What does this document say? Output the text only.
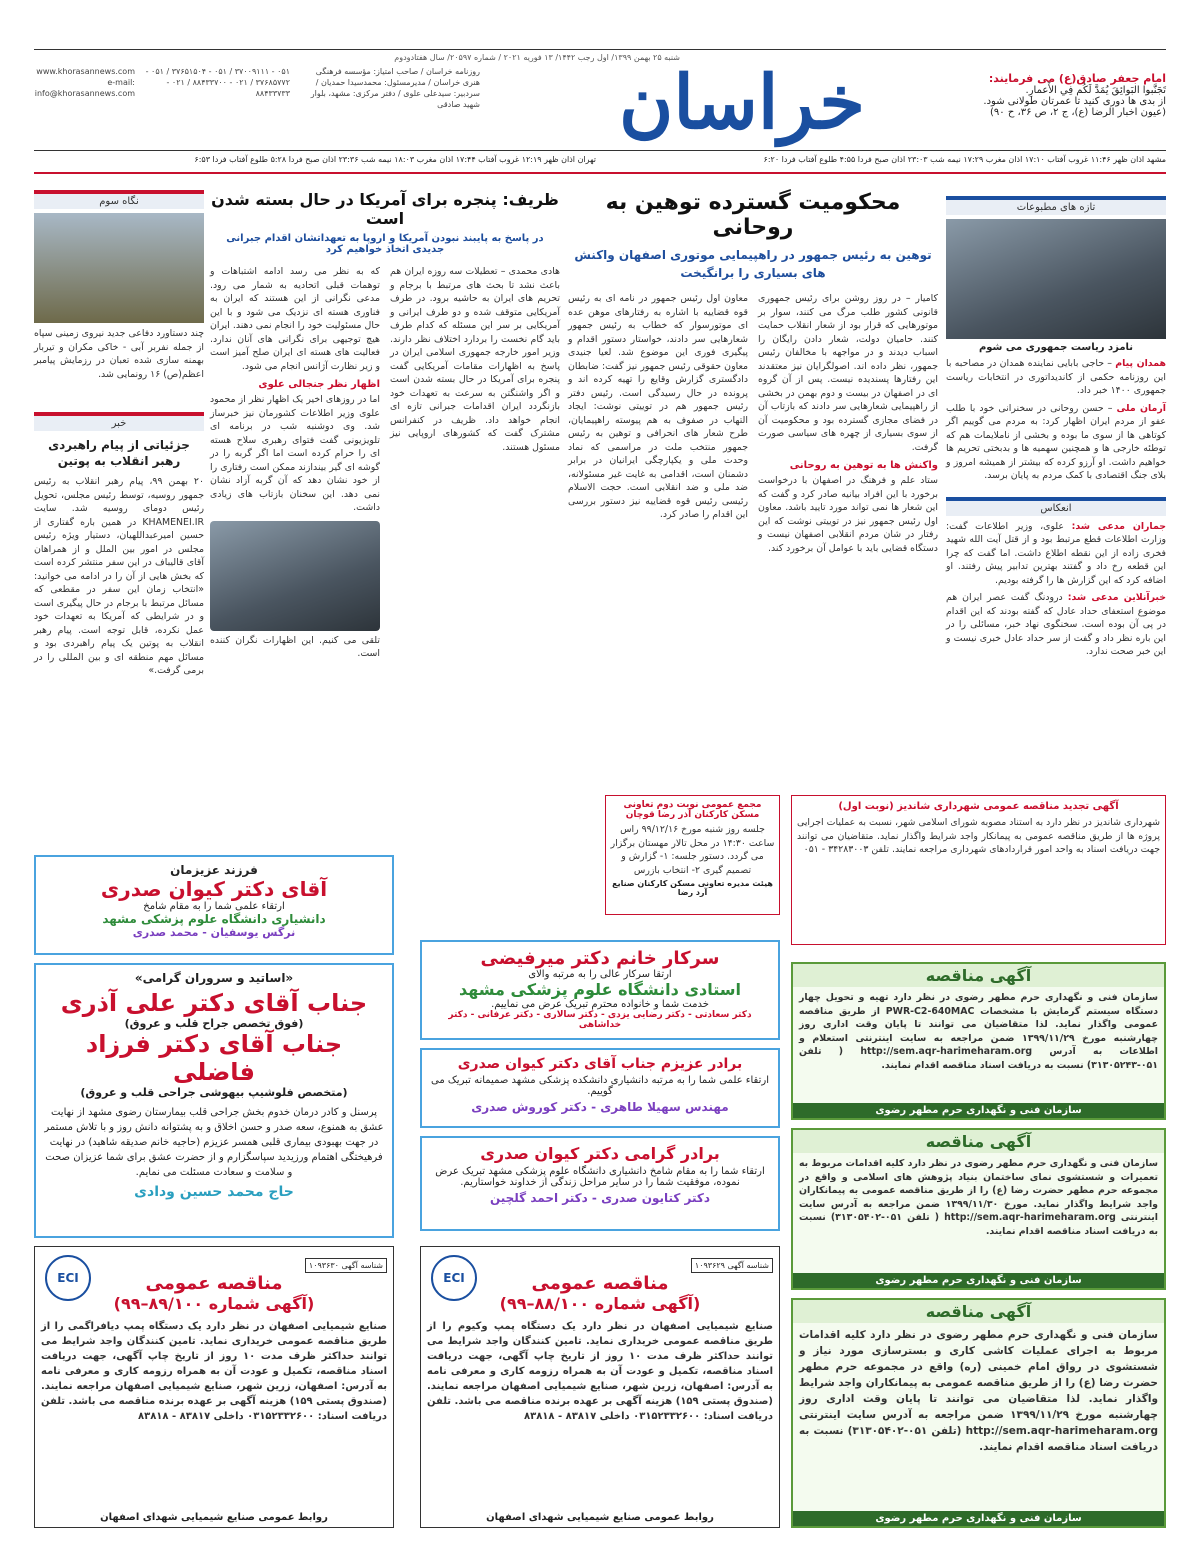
شنبه ۲۵ بهمن ۱۳۹۹/ اول رجب ۱۴۴۲/ ۱۳ فوریه ۲۰۲۱ / شماره ۲۰۵۹۷/ سال هفتادودوم
خراسان	امام جعفر صادق(ع) می فرمایند:
تَجَنَّبوا البَوائِقَ يُمَدَّ لَكُم فِي الأَعمارِ.
از بدی ها دوری کنید تا عمرتان طولانی شود.
(عیون اخبار الرضا (ع)، ج ۲، ص ۳۶، ح ۹۰)
روزنامه خراسان / صاحب امتیاز: مؤسسه فرهنگی هنری خراسان / مدیرمسئول: محمدسیدا حمدیان / سردبیر: سیدعلی علوی / دفتر مرکزی: مشهد، بلوار شهید صادقی
۰۵۱ - ۳۷۰۰۹۱۱۱ / ۰۵۱ - ۳۷۶۵۱۵۰۴ / ۰۵۱ - ۳۷۶۸۵۷۷۲ / ۰۲۱ - ۸۸۴۳۳۷۰۰ / ۰۲۱ - ۸۸۴۳۳۷۳۳
www.khorasannews.com e-mail: info@khorasannews.com
مشهد اذان ظهر ۱۱:۴۶ غروب آفتاب ۱۷:۱۰ اذان مغرب ۱۷:۲۹ نیمه شب ۲۳:۰۳ اذان صبح فردا ۴:۵۵ طلوع آفتاب فردا ۶:۲۰
تهران اذان ظهر ۱۲:۱۹ غروب آفتاب ۱۷:۴۴ اذان مغرب ۱۸:۰۳ نیمه شب ۲۳:۳۶ اذان صبح فردا ۵:۲۸ طلوع آفتاب فردا ۶:۵۳
تازه های مطبوعات
نامزد ریاست جمهوری می شوم
همدان پیام – حاجی بابایی نماینده همدان در مصاحبه با این روزنامه حکمی از کاندیداتوری در انتخابات ریاست جمهوری ۱۴۰۰ خبر داد.
آرمان ملی – حسن روحانی در سخنرانی خود با طلب عفو از مردم ایران اظهار کرد: به مردم می گوییم اگر کوتاهی ها از سوی ما بوده و بخشی از ناملایمات هم که توطئه خارجی ها و همچنین سهمیه ها و بدبختی تحریم ها خواهیم داشت. او آرزو کرده که بیشتر از همیشه امروز و بلای جنگ اقتصادی با کمک مردم به پایان برسد.
انعکاس
جماران مدعی شد: علوی، وزیر اطلاعات گفت: وزارت اطلاعات قطع مرتبط بود و از قتل آیت الله شهید فخری زاده از این نقطه اطلاع داشت. اما گفت که چرا این قطعه رخ داد و گفتند بهترین تدابیر پیش رفتند. او اضافه کرد که این گزارش ها را گرفته بودیم.
خبرآنلاین مدعی شد: درودنگ گفت عصر ایران هم موضوع استعفای حداد عادل که گفته بودند که این اقدام در پی آن بوده است. سخنگوی نهاد خبر، مسائلی را در این باره نظر داد و گفت از سر حداد عادل خبری نیست و این خبر صحت ندارد.
محکومیت گسترده توهین به روحانی
توهین به رئیس جمهور در راهپیمایی موتوری اصفهان واکنش های بسیاری را برانگیخت
کامیار – در روز روشن برای رئیس جمهوری قانونی کشور طلب مرگ می کنند، سوار بر موتورهایی که قرار بود از شعار انقلاب حمایت کنند. حامیان دولت، شعار دادن رایگان را اسباب دیدند و در مواجهه با مخالفان رئیس جمهور، نظر داده اند. اصولگرایان نیز معتقدند این رفتارها پسندیده نیست. پس از آن گروه ای در اصفهان در بیست و دوم بهمن در بخشی از راهپیمایی شعارهایی سر دادند که بازتاب آن در فضای مجازی گسترده بود و محکومیت آن از سوی بسیاری از چهره های سیاسی صورت گرفت.
واکنش ها به توهین به روحانی
ستاد علم و فرهنگ در اصفهان با درخواست برخورد با این افراد بیانیه صادر کرد و گفت که این شعار ها نمی تواند مورد تایید باشد. معاون اول رئیس جمهور نیز در توییتی نوشت که این رفتار در شان مردم انقلابی اصفهان نیست و دستگاه قضایی باید با عوامل آن برخورد کند.
معاون اول رئیس جمهور در نامه ای به رئیس قوه قضاییه با اشاره به رفتارهای موهن عده ای موتورسوار که خطاب به رئیس جمهور شعارهایی سر دادند، خواستار دستور اقدام و پیگیری فوری این موضوع شد. لعیا جنیدی معاون حقوقی رئیس جمهور نیز گفت: ضابطان دادگستری گزارش وقایع را تهیه کرده اند و پرونده در حال رسیدگی است. رئیس دفتر رئیس جمهور هم در توییتی نوشت: ایجاد التهاب در صفوف به هم پیوسته راهپیمایان، طرح شعار های انحرافی و توهین به رئیس جمهور منتخب ملت در مراسمی که نماد وحدت ملی و یکپارچگی ایرانیان در برابر دشمنان است، اقدامی به غایت غیر مسئولانه، ضد ملی و ضد انقلابی است. حجت الاسلام رئیسی رئیس قوه قضاییه نیز دستور بررسی این اقدام را صادر کرد.
ظریف: پنجره برای آمریکا در حال بسته شدن است
در پاسخ به پایبند نبودن آمریکا و اروپا به تعهداتشان اقدام جبرانی جدیدی اتخاذ خواهیم کرد
هادی محمدی – تعطیلات سه روزه ایران هم باعث نشد تا بحث های مرتبط با برجام و تحریم های ایران به حاشیه برود. در طرف آمریکایی متوقف شده و دو طرف ایرانی و آمریکایی بر سر این مسئله که کدام طرف باید گام نخست را بردارد اختلاف نظر دارند. وزیر امور خارجه جمهوری اسلامی ایران در پاسخ به اظهارات مقامات آمریکایی گفت پنجره برای آمریکا در حال بسته شدن است و اگر واشنگتن به سرعت به تعهدات خود بازنگردد ایران اقدامات جبرانی تازه ای انجام خواهد داد. ظریف در کنفرانس مشترک گفت که کشورهای اروپایی نیز مسئول هستند.
که به نظر می رسد ادامه اشتباهات و توهمات قبلی اتحادیه به شمار می رود. مدعی نگرانی از این هستند که ایران به فناوری هسته ای نزدیک می شود و با این حال مسئولیت خود را انجام نمی دهند. ایران هیچ توجیهی برای نگرانی های آنان ندارد. فعالیت های هسته ای ایران صلح آمیز است و زیر نظارت آژانس انجام می شود.
اظهار نظر جنجالی علوی
اما در روزهای اخیر یک اظهار نظر از محمود علوی وزیر اطلاعات کشورمان نیز خبرساز شد. وی دوشنبه شب در برنامه ای تلویزیونی گفت فتوای رهبری سلاح هسته ای را حرام کرده است اما اگر گربه را در گوشه ای گیر بیندازند ممکن است رفتاری را از خود نشان دهد که آن گربه آزاد نشان نمی دهد. این سخنان بازتاب های زیادی داشت.
تلقی می کنیم. این اظهارات نگران کننده است.
نگاه سوم
چند دستاورد دفاعی جدید نیروی زمینی سپاه از جمله نفربر آبی - خاکی مکران و تیربار بهمنه سازی شده تعبان در رزمایش پیامبر اعظم(ص) ۱۶ رونمایی شد.
خبر
جزئیاتی از پیام راهبردی رهبر انقلاب به پوتین
۲۰ بهمن ۹۹، پیام رهبر انقلاب به رئیس جمهور روسیه، توسط رئیس مجلس، تحویل رئیس دومای روسیه شد. سایت KHAMENEI.IR در همین باره گفتاری از حسین امیرعبداللهیان، دستیار ویژه رئیس مجلس در امور بین الملل و از همراهان آقای قالیباف در این سفر منتشر کرده است که بخش هایی از آن را در ادامه می خوانید: «انتخاب زمان این سفر در مقطعی که مسائل مرتبط با برجام در حال پیگیری است و در شرایطی که آمریکا به تعهدات خود عمل نکرده، قابل توجه است. پیام رهبر انقلاب به پوتین یک پیام راهبردی بود و مسائل مهم منطقه ای و بین المللی را در برمی گرفت.»
آگهی تجدید مناقصه عمومی شهرداری شاندیز (نوبت اول)
شهرداری شاندیز در نظر دارد به استناد مصوبه شورای اسلامی شهر، نسبت به عملیات اجرایی پروژه ها از طریق مناقصه عمومی به پیمانکار واجد شرایط واگذار نماید. متقاضیان می توانند جهت دریافت اسناد به واحد امور قراردادهای شهرداری مراجعه نمایند. تلفن ۳۴۲۸۳۰۰۳ - ۰۵۱
مجمع عمومی نوبت دوم تعاونی مسکن کارکنان آذر رضا قوچان
جلسه روز شنبه مورخ ۹۹/۱۲/۱۶ راس ساعت ۱۴:۳۰ در محل تالار مهستان برگزار می گردد. دستور جلسه: ۱- گزارش و تصمیم گیری ۲- انتخاب بازرس
هیئت مدیره تعاونی مسکن کارکنان صنایع آرد رضا
فرزند عزیزمان
آقای دکتر کیوان صدری
ارتقاء علمی شما را به مقام شامخ
دانشیاری دانشگاه علوم پزشکی مشهد
نرگس یوسفیان - محمد صدری
«اساتید و سروران گرامی»
جناب آقای دکتر علی آذری
(فوق تخصص جراح قلب و عروق)
جناب آقای دکتر فرزاد فاضلی
(متخصص فلوشیپ بیهوشی جراحی قلب و عروق)
پرسنل و کادر درمان خدوم بخش جراحی قلب بیمارستان رضوی مشهد از نهایت عشق به همنوع، سعه صدر و حسن اخلاق و به پشتوانه دانش روز و با تلاش مستمر در جهت بهبودی بیماری قلبی همسر عزیزم (حاجیه خانم صدیقه شاهید) در نهایت فرهیختگی اهتمام ورزیدید سپاسگزارم و از حضرت عشق برای شما عزیزان صحت و سلامت و سعادت مسئلت می نمایم.
حاج محمد حسین ودادی
سرکار خانم دکتر میرفیضی
ارتقا سرکار عالی را به مرتبه والای
استادی دانشگاه علوم پزشکی مشهد
خدمت شما و خانواده محترم تبریک عرض می نماییم.
دکتر سعادتی - دکتر رضایی یزدی - دکتر سالاری - دکتر عرفانی - دکتر خداشاهی
برادر عزیزم جناب آقای دکتر کیوان صدری
ارتقاء علمی شما را به مرتبه دانشیاری دانشکده پزشکی مشهد صمیمانه تبریک می گوییم.
مهندس سهیلا طاهری - دکتر کوروش صدری
برادر گرامی دکتر کیوان صدری
ارتقاء شما را به مقام شامخ دانشیاری دانشگاه علوم پزشکی مشهد تبریک عرض نموده، موفقیت شما را در سایر مراحل زندگی از خداوند خواستاریم.
دکتر کتایون صدری - دکتر احمد گلچین
آگهی مناقصه
سازمان فنی و نگهداری حرم مطهر رضوی در نظر دارد تهیه و تحویل چهار دستگاه سیستم گرمایش با مشخصات PWR-C2-640MAC از طریق مناقصه عمومی واگذار نماید. لذا متقاضیان می توانند تا پایان وقت اداری روز چهارشنبه مورخ ۱۳۹۹/۱۱/۲۹ ضمن مراجعه به سایت اینترنتی استعلام و اطلاعات به آدرس http://sem.aqr-harimeharam.org ( تلفن ۰۵۱-۳۱۳۰۵۲۴۳) نسبت به دریافت اسناد مناقصه اقدام نمایند.
سازمان فنی و نگهداری حرم مطهر رضوی
آگهی مناقصه
سازمان فنی و نگهداری حرم مطهر رضوی در نظر دارد کلیه اقدامات مربوط به تعمیرات و شستشوی نمای ساختمان بنیاد پژوهش های اسلامی و واقع در مجموعه حرم مطهر حضرت رضا (ع) را از طریق مناقصه عمومی به پیمانکاران واجد شرایط واگذار نماید. مورخ ۱۳۹۹/۱۱/۳۰ ضمن مراجعه به آدرس سایت اینترنتی http://sem.aqr-harimeharam.org ( تلفن ۰۵۱-۳۱۳۰۵۴۰۲) نسبت به دریافت اسناد مناقصه اقدام نمایند.
سازمان فنی و نگهداری حرم مطهر رضوی
آگهی مناقصه
سازمان فنی و نگهداری حرم مطهر رضوی در نظر دارد کلیه اقدامات مربوط به اجرای عملیات کاشی کاری و بسترسازی مورد نیاز و شستشوی در رواق امام خمینی (ره) واقع در مجموعه حرم مطهر حضرت رضا (ع) را از طریق مناقصه عمومی به پیمانکاران واجد شرایط واگذار نماید. لذا متقاضیان می توانند تا پایان وقت اداری روز چهارشنبه مورخ ۱۳۹۹/۱۱/۲۹ ضمن مراجعه به آدرس سایت اینترنتی http://sem.aqr-harimeharam.org (تلفن ۰۵۱-۳۱۳۰۵۴۰۲) نسبت به دریافت اسناد مناقصه اقدام نمایند.
سازمان فنی و نگهداری حرم مطهر رضوی
شناسه آگهی ۱۰۹۳۶۲۹
ECI	مناقصه عمومی
(آگهی شماره ۸۸/۱۰۰–۹۹)
صنایع شیمیایی اصفهان در نظر دارد یک دستگاه پمپ وکیوم را از طریق مناقصه عمومی خریداری نماید. تامین کنندگان واجد شرایط می توانند حداکثر ظرف مدت ۱۰ روز از تاریخ چاپ آگهی، جهت دریافت اسناد مناقصه، تکمیل و عودت آن به همراه رزومه کاری و معرفی نامه به آدرس: اصفهان، زرین شهر، صنایع شیمیایی اصفهان مراجعه نمایند. (صندوق پستی ۱۵۹) هزینه آگهی بر عهده برنده مناقصه می باشد. تلفن دریافت اسناد: ۰۳۱۵۲۳۳۲۶۰۰ داخلی ۸۳۸۱۷ - ۸۳۸۱۸
روابط عمومی صنایع شیمیایی شهدای اصفهان
شناسه آگهی ۱۰۹۳۶۳۰
ECI	مناقصه عمومی
(آگهی شماره ۸۹/۱۰۰–۹۹)
صنایع شیمیایی اصفهان در نظر دارد یک دستگاه پمپ دیافراگمی را از طریق مناقصه عمومی خریداری نماید. تامین کنندگان واجد شرایط می توانند حداکثر ظرف مدت ۱۰ روز از تاریخ چاپ آگهی، جهت دریافت اسناد مناقصه، تکمیل و عودت آن به همراه رزومه کاری و معرفی نامه به آدرس: اصفهان، زرین شهر، صنایع شیمیایی اصفهان مراجعه نمایند. (صندوق پستی ۱۵۹) هزینه آگهی بر عهده برنده مناقصه می باشد. تلفن دریافت اسناد: ۰۳۱۵۲۳۳۲۶۰۰ داخلی ۸۳۸۱۷ - ۸۳۸۱۸
روابط عمومی صنایع شیمیایی شهدای اصفهان
